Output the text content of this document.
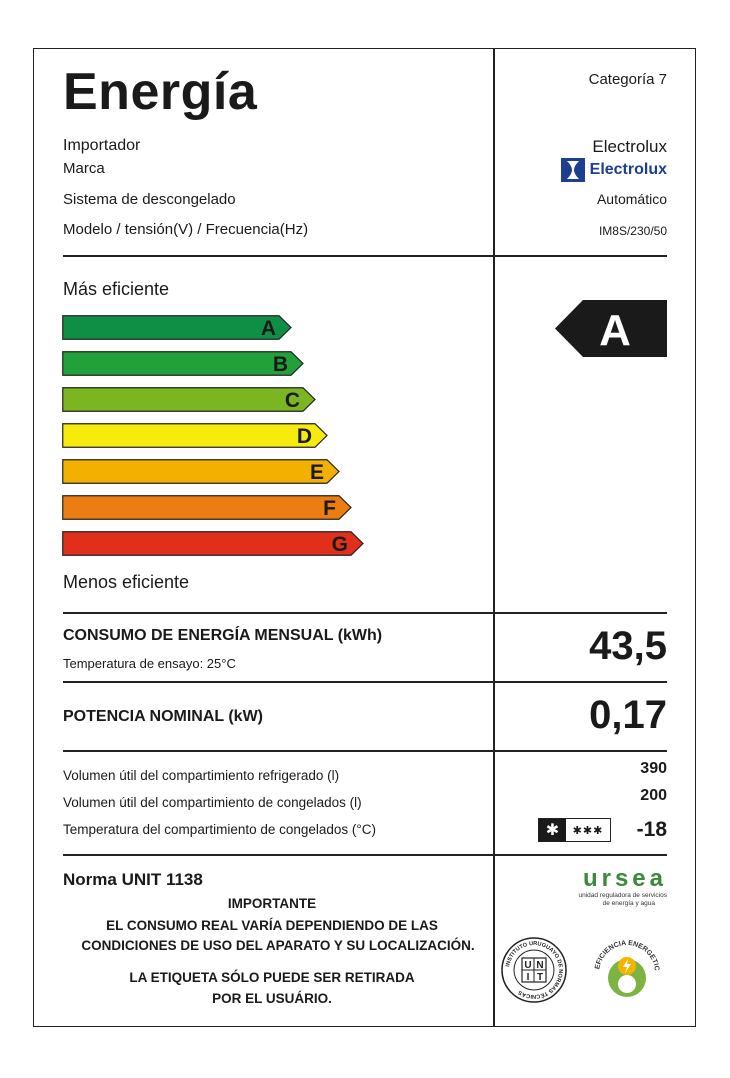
Energía	Categoría 7
Importador	Electrolux
Marca	Electrolux
Sistema de descongelado	Automático
Modelo / tensión(V) / Frecuencia(Hz)	IM8S/230/50
Más eficiente
A
B
C
D
E
F
G
Menos eficiente
A
CONSUMO DE ENERGÍA MENSUAL (kWh)
Temperatura de ensayo: 25°C	43,5
POTENCIA NOMINAL (kW)	0,17
Volumen útil del compartimiento refrigerado (l)	390
Volumen útil del compartimiento de congelados (l)	200
Temperatura del compartimiento de congelados (°C)	✱	✱✱✱	-18
Norma UNIT 1138
IMPORTANTE
EL CONSUMO REAL VARÍA DEPENDIENDO DE LAS
CONDICIONES DE USO DEL APARATO Y SU LOCALIZACIÓN.
LA ETIQUETA SÓLO PUEDE SER RETIRADA
POR EL USUÁRIO.
ursea
unidad reguladora de servicios
de energía y agua
INSTITUTO URUGUAYO DE NORMAS TÉCNICAS
U N
I T
EFICIENCIA ENERGETIC
